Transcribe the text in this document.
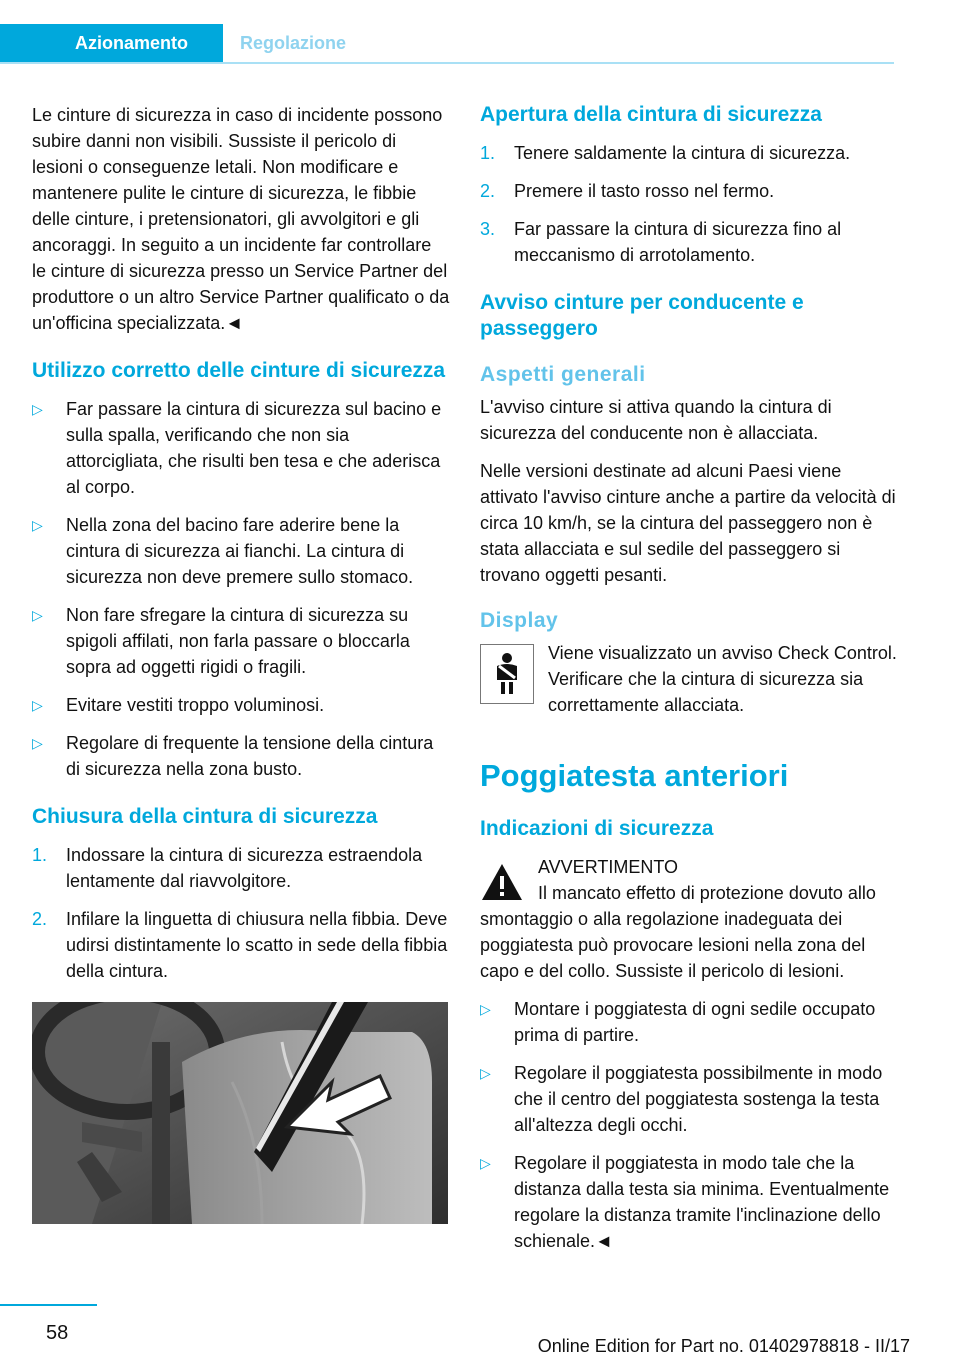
Azionamento	Regolazione

Le cinture di sicurezza in caso di incidente possono subire danni non visibili. Sussiste il pericolo di lesioni o conseguenze letali. Non modificare e mantenere pulite le cinture di sicurezza, le fibbie delle cinture, i pretensionatori, gli avvolgitori e gli ancoraggi. In seguito a un incidente far controllare le cinture di sicurezza presso un Service Partner del produttore o un altro Service Partner qualificato o da un'officina specializzata.◄

Utilizzo corretto delle cinture di sicurezza
▷ Far passare la cintura di sicurezza sul bacino e sulla spalla, verificando che non sia attorcigliata, che risulti ben tesa e che aderisca al corpo.
▷ Nella zona del bacino fare aderire bene la cintura di sicurezza ai fianchi. La cintura di sicurezza non deve premere sullo stomaco.
▷ Non fare sfregare la cintura di sicurezza su spigoli affilati, non farla passare o bloccarla sopra ad oggetti rigidi o fragili.
▷ Evitare vestiti troppo voluminosi.
▷ Regolare di frequente la tensione della cintura di sicurezza nella zona busto.
Chiusura della cintura di sicurezza
1. Indossare la cintura di sicurezza estraendola lentamente dal riavvolgitore.
2. Infilare la linguetta di chiusura nella fibbia. Deve udirsi distintamente lo scatto in sede della fibbia della cintura.
Apertura della cintura di sicurezza
1. Tenere saldamente la cintura di sicurezza.
2. Premere il tasto rosso nel fermo.
3. Far passare la cintura di sicurezza fino al meccanismo di arrotolamento.
Avviso cinture per conducente e passeggero
Aspetti generali

L'avviso cinture si attiva quando la cintura di sicurezza del conducente non è allacciata.

Nelle versioni destinate ad alcuni Paesi viene attivato l'avviso cinture anche a partire da velocità di circa 10 km/h, se la cintura del passeggero non è stata allacciata e sul sedile del passeggero si trovano oggetti pesanti.

Display
Viene visualizzato un avviso Check Control. Verificare che la cintura di sicurezza sia correttamente allacciata.
Poggiatesta anteriori
Indicazioni di sicurezza
AVVERTIMENTO

Il mancato effetto di protezione dovuto allo smontaggio o alla regolazione inadeguata dei poggiatesta può provocare lesioni nella zona del capo e del collo. Sussiste il pericolo di lesioni.

▷ Montare i poggiatesta di ogni sedile occupato prima di partire.
▷ Regolare il poggiatesta possibilmente in modo che il centro del poggiatesta sostenga la testa all'altezza degli occhi.
▷ Regolare il poggiatesta in modo tale che la distanza dalla testa sia minima. Eventualmente regolare la distanza tramite l'inclinazione dello schienale.◄
58
Online Edition for Part no. 01402978818 - II/17
